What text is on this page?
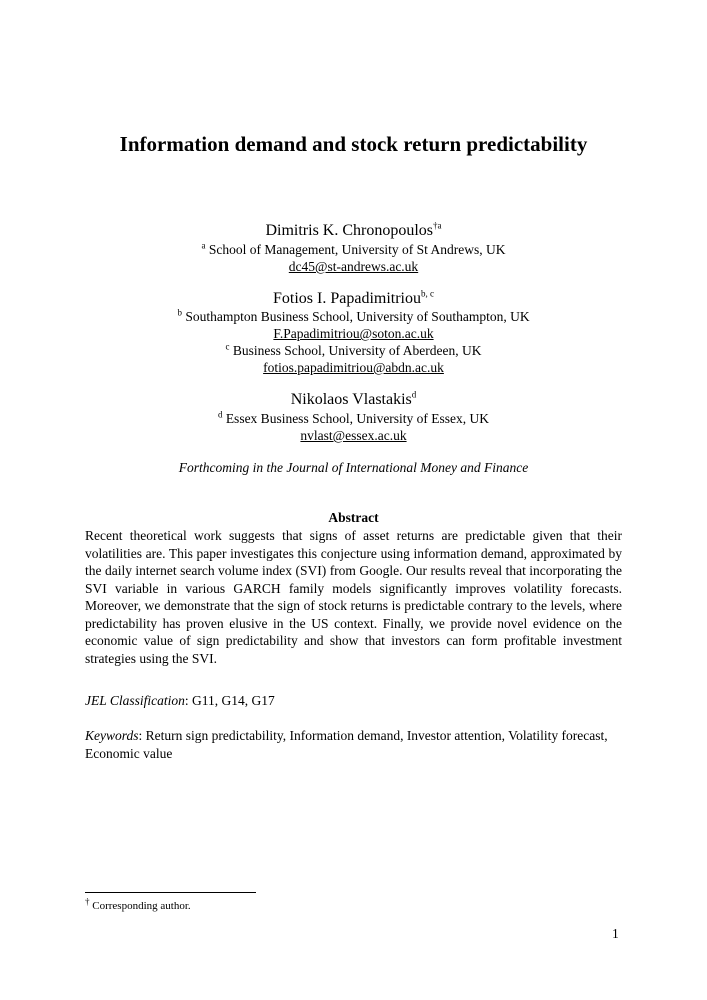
Information demand and stock return predictability
Dimitris K. Chronopoulos$^{\dagger a}$
$^a$ School of Management, University of St Andrews, UK
dc45@st-andrews.ac.uk
Fotios I. Papadimitriou$^{b, c}$
$^b$ Southampton Business School, University of Southampton, UK
F.Papadimitriou@soton.ac.uk
$^c$ Business School, University of Aberdeen, UK
fotios.papadimitriou@abdn.ac.uk
Nikolaos Vlastakis$^d$
$^d$ Essex Business School, University of Essex, UK
nvlast@essex.ac.uk
Forthcoming in the Journal of International Money and Finance
Abstract
Recent theoretical work suggests that signs of asset returns are predictable given that their volatilities are. This paper investigates this conjecture using information demand, approximated by the daily internet search volume index (SVI) from Google. Our results reveal that incorporating the SVI variable in various GARCH family models significantly improves volatility forecasts. Moreover, we demonstrate that the sign of stock returns is predictable contrary to the levels, where predictability has proven elusive in the US context. Finally, we provide novel evidence on the economic value of sign predictability and show that investors can form profitable investment strategies using the SVI.
JEL Classification: G11, G14, G17
Keywords: Return sign predictability, Information demand, Investor attention, Volatility forecast, Economic value
† Corresponding author.
1
